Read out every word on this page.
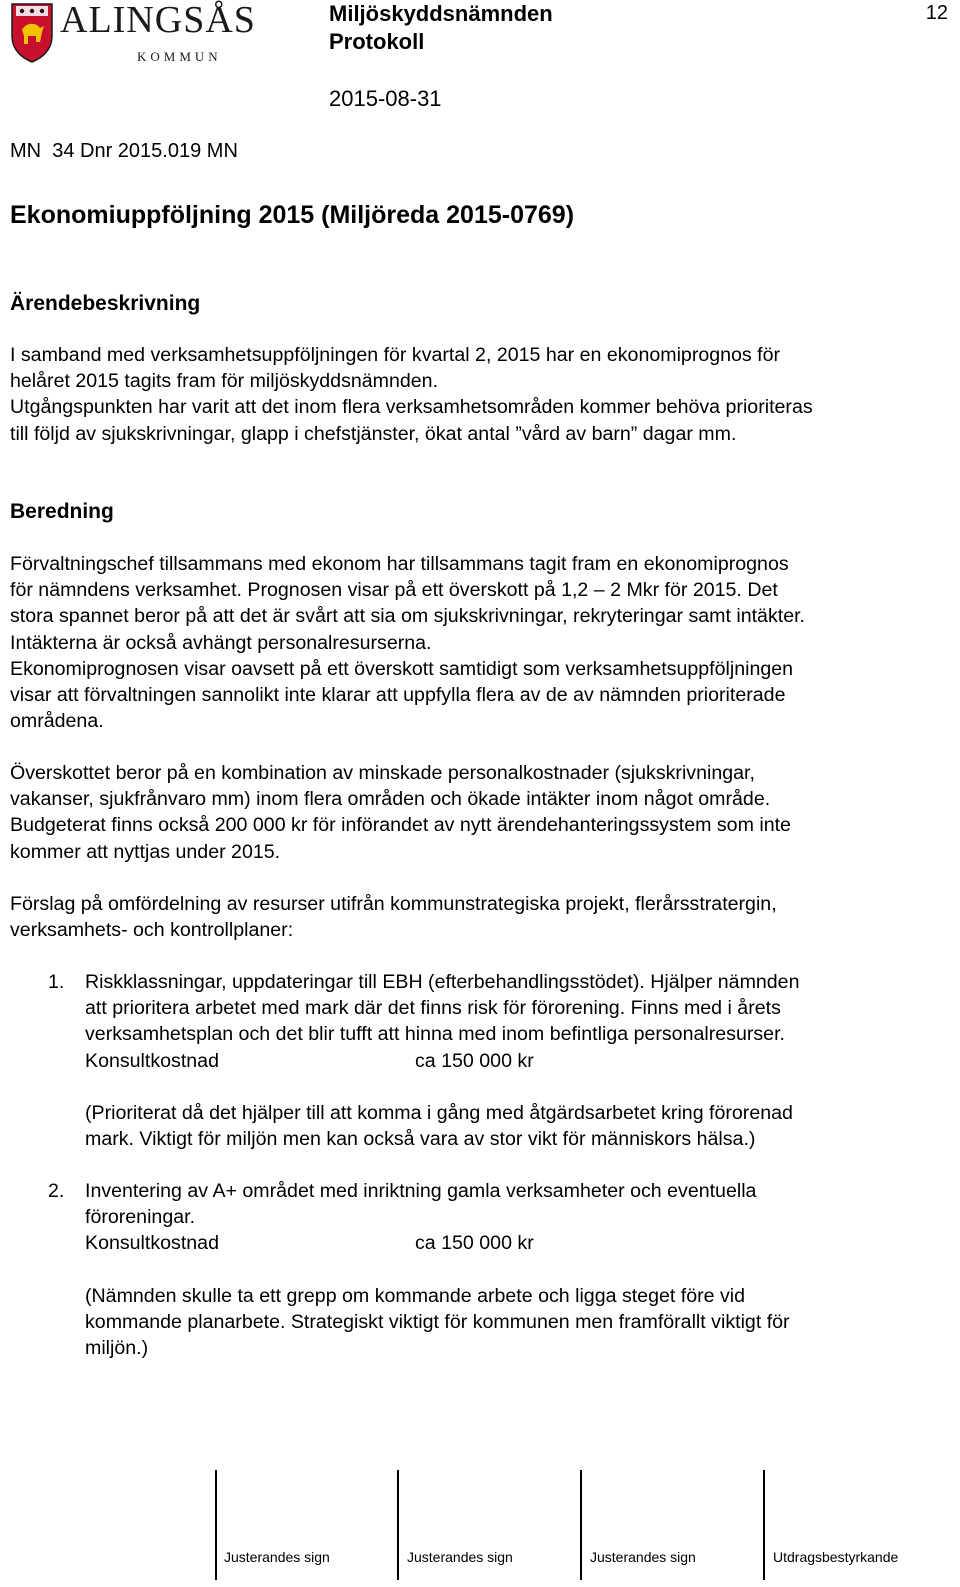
ALINGSÅS
KOMMUN
Miljöskyddsnämnden
Protokoll
12
2015-08-31
MN  34 Dnr 2015.019 MN
Ekonomiuppföljning 2015 (Miljöreda 2015-0769)
Ärendebeskrivning

I samband med verksamhetsuppföljningen för kvartal 2, 2015 har en ekonomiprognos för

helåret 2015 tagits fram för miljöskyddsnämnden.

Utgångspunkten har varit att det inom flera verksamhetsområden kommer behöva prioriteras

till följd av sjukskrivningar, glapp i chefstjänster, ökat antal ”vård av barn” dagar mm.

Beredning

Förvaltningschef tillsammans med ekonom har tillsammans tagit fram en ekonomiprognos

för nämndens verksamhet. Prognosen visar på ett överskott på 1,2 – 2 Mkr för 2015. Det

stora spannet beror på att det är svårt att sia om sjukskrivningar, rekryteringar samt intäkter.

Intäkterna är också avhängt personalresurserna.

Ekonomiprognosen visar oavsett på ett överskott samtidigt som verksamhetsuppföljningen

visar att förvaltningen sannolikt inte klarar att uppfylla flera av de av nämnden prioriterade

områdena.

Överskottet beror på en kombination av minskade personalkostnader (sjukskrivningar,

vakanser, sjukfrånvaro mm) inom flera områden och ökade intäkter inom något område.

Budgeterat finns också 200 000 kr för införandet av nytt ärendehanteringssystem som inte

kommer att nyttjas under 2015.

Förslag på omfördelning av resurser utifrån kommunstrategiska projekt, flerårsstratergin,

verksamhets- och kontrollplaner:

1. Riskklassningar, uppdateringar till EBH (efterbehandlingsstödet). Hjälper nämnden
att prioritera arbetet med mark där det finns risk för förorening. Finns med i årets
verksamhetsplan och det blir tufft att hinna med inom befintliga personalresurser.
Konsultkostnad	ca 150 000 kr
(Prioriterat då det hjälper till att komma i gång med åtgärdsarbetet kring förorenad
mark. Viktigt för miljön men kan också vara av stor vikt för människors hälsa.)
2. Inventering av A+ området med inriktning gamla verksamheter och eventuella
föroreningar.
Konsultkostnad	ca 150 000 kr
(Nämnden skulle ta ett grepp om kommande arbete och ligga steget före vid
kommande planarbete. Strategiskt viktigt för kommunen men framförallt viktigt för
miljön.)
Justerandes sign	Justerandes sign	Justerandes sign	Utdragsbestyrkande
